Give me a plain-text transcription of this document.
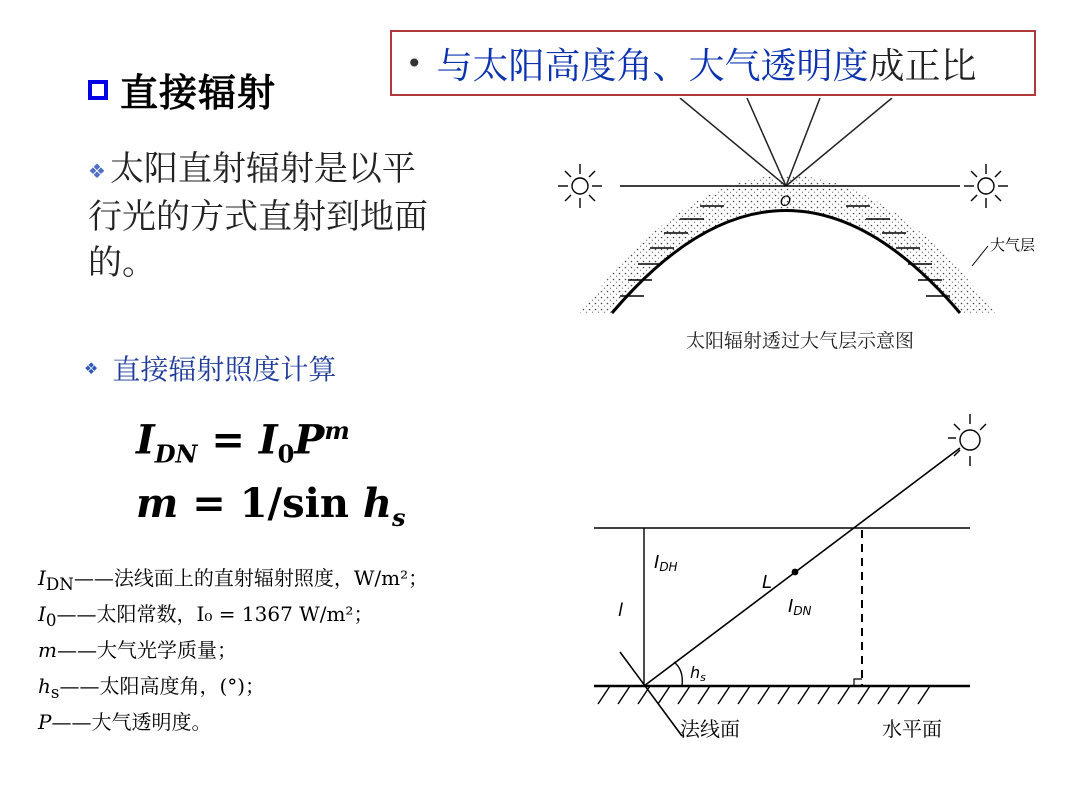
直接辐射
• 与太阳高度角、大气透明度成正比
❖ 太阳直射辐射是以平行光的方式直射到地面的。
❖ 直接辐射照度计算
$I_{DN} = I_0P^m$
m = 1/sin $h_s$
$I_{DN}——$法线面上的直射辐射照度，W/m²；
$I_0——$太阳常数，I₀ = 1367 W/m²；
m——大气光学质量；
$h_s——$太阳高度角，(°)；
P——大气透明度。
O
大气层
太阳辐射透过大气层示意图
l
IDH
L
IDN
hs
法线面	水平面
